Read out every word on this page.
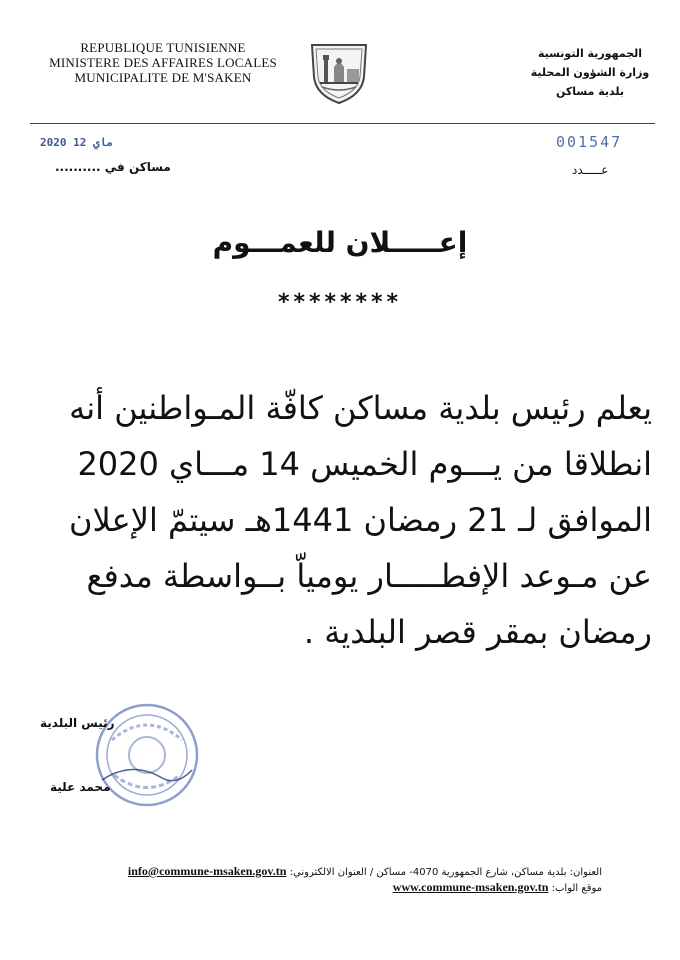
REPUBLIQUE TUNISIENNE
MINISTERE DES AFFAIRES LOCALES
MUNICIPALITE DE M'SAKEN
الجمهورية التونسية
وزارة الشؤون المحلية
بلدية مساكن
2020 ماي 12
مساكن في ..........
001547
عـــــدد
إعـــــلان للعمـــوم
********
يعلم رئيس بلدية مساكن كافّة المـواطنين أنه
انطلاقا من يـــوم الخميس 14 مـــاي 2020
الموافق لـ 21 رمضان 1441هـ سيتمّ الإعلان
عن مـوعد الإفطـــــار يومياّ بــواسطة مدفع
رمضان بمقر قصر البلدية .
رئيس البلدية
محمد علية
العنوان: بلدية مساكن، شارع الجمهورية 4070- مساكن / العنوان الالكتروني: info@commune-msaken.gov.tn
موقع الواب: www.commune-msaken.gov.tn
